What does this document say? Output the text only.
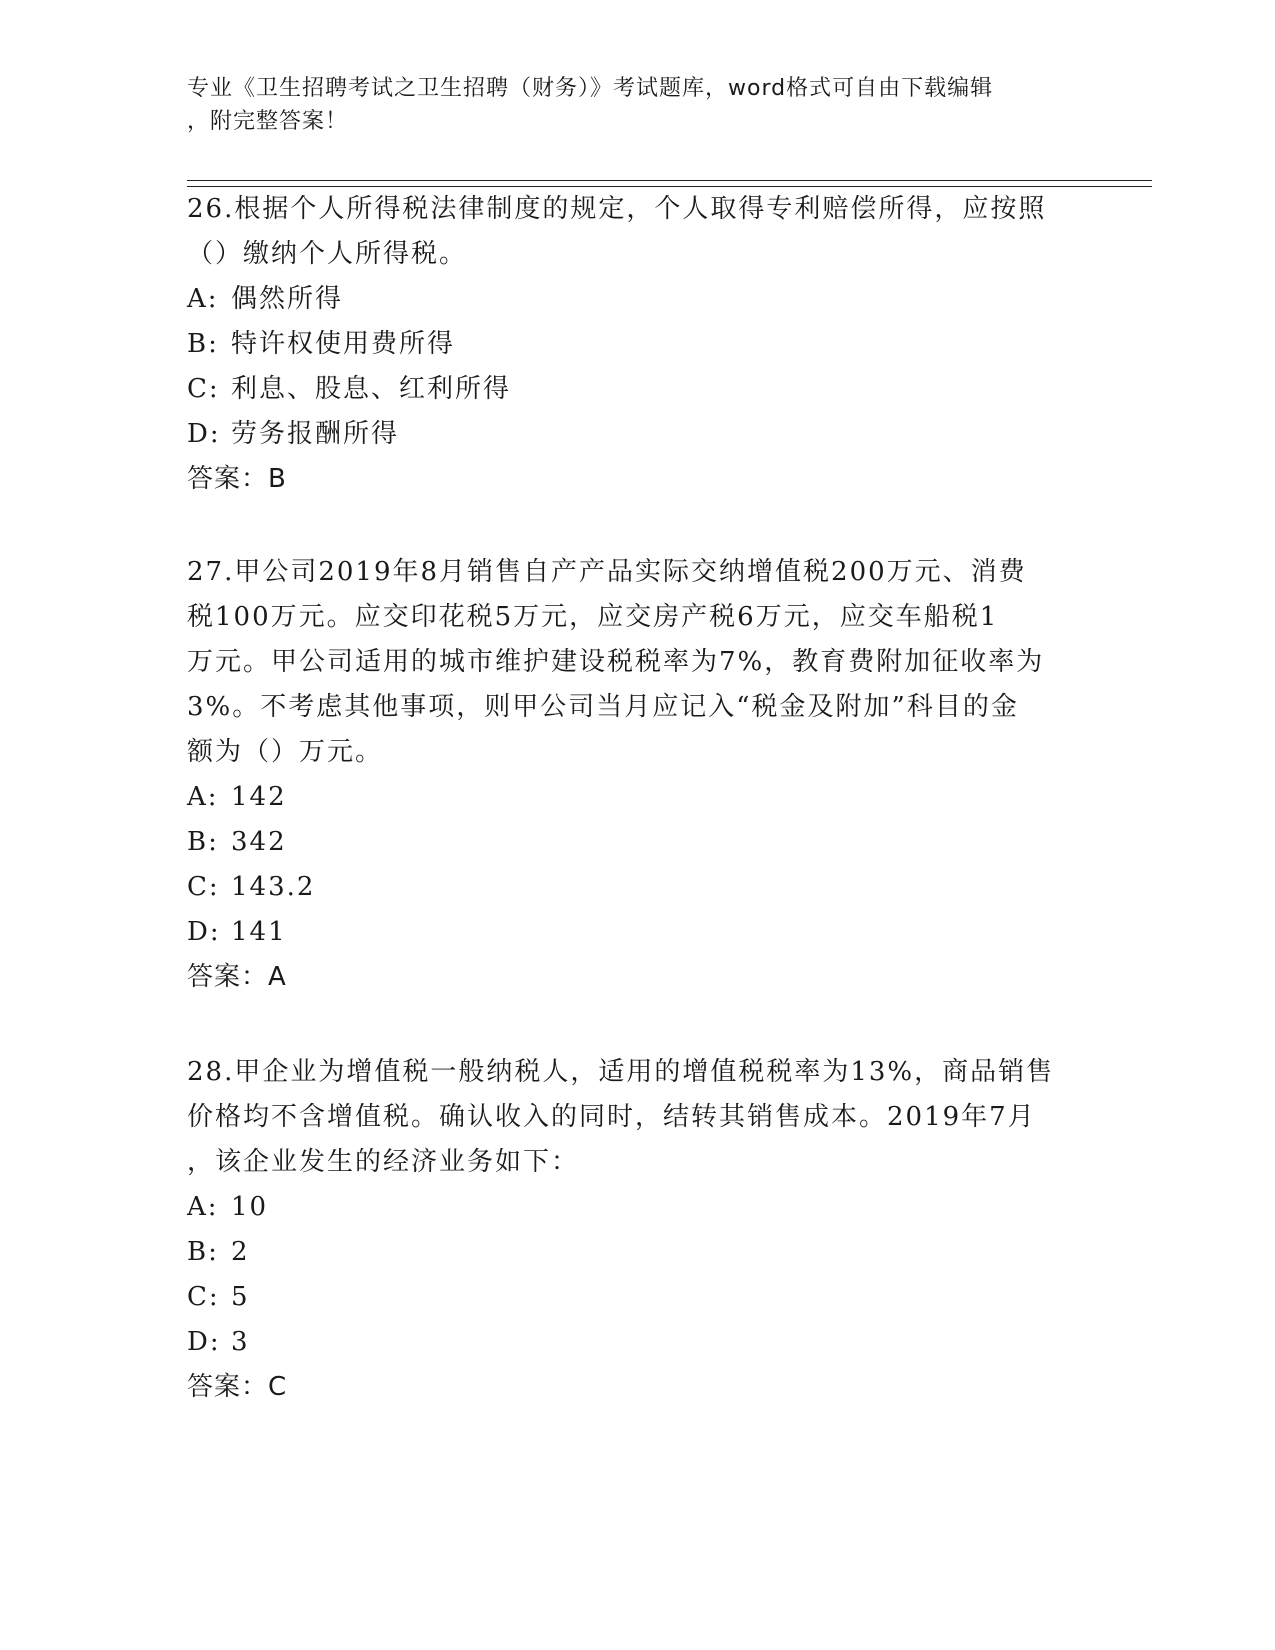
专业《卫生招聘考试之卫生招聘（财务）》考试题库，word格式可自由下载编辑
，附完整答案！
26.根据个人所得税法律制度的规定，个人取得专利赔偿所得，应按照
（）缴纳个人所得税。
A: 偶然所得
B: 特许权使用费所得
C: 利息、股息、红利所得
D: 劳务报酬所得
答案：B
27.甲公司2019年8月销售自产产品实际交纳增值税200万元、消费
税100万元。应交印花税5万元，应交房产税6万元，应交车船税1
万元。甲公司适用的城市维护建设税税率为7%，教育费附加征收率为
3%。不考虑其他事项，则甲公司当月应记入“税金及附加”科目的金
额为（）万元。
A: 142
B: 342
C: 143.2
D: 141
答案：A
28.甲企业为增值税一般纳税人，适用的增值税税率为13%，商品销售
价格均不含增值税。确认收入的同时，结转其销售成本。2019年7月
，该企业发生的经济业务如下：
A: 10
B: 2
C: 5
D: 3
答案：C
